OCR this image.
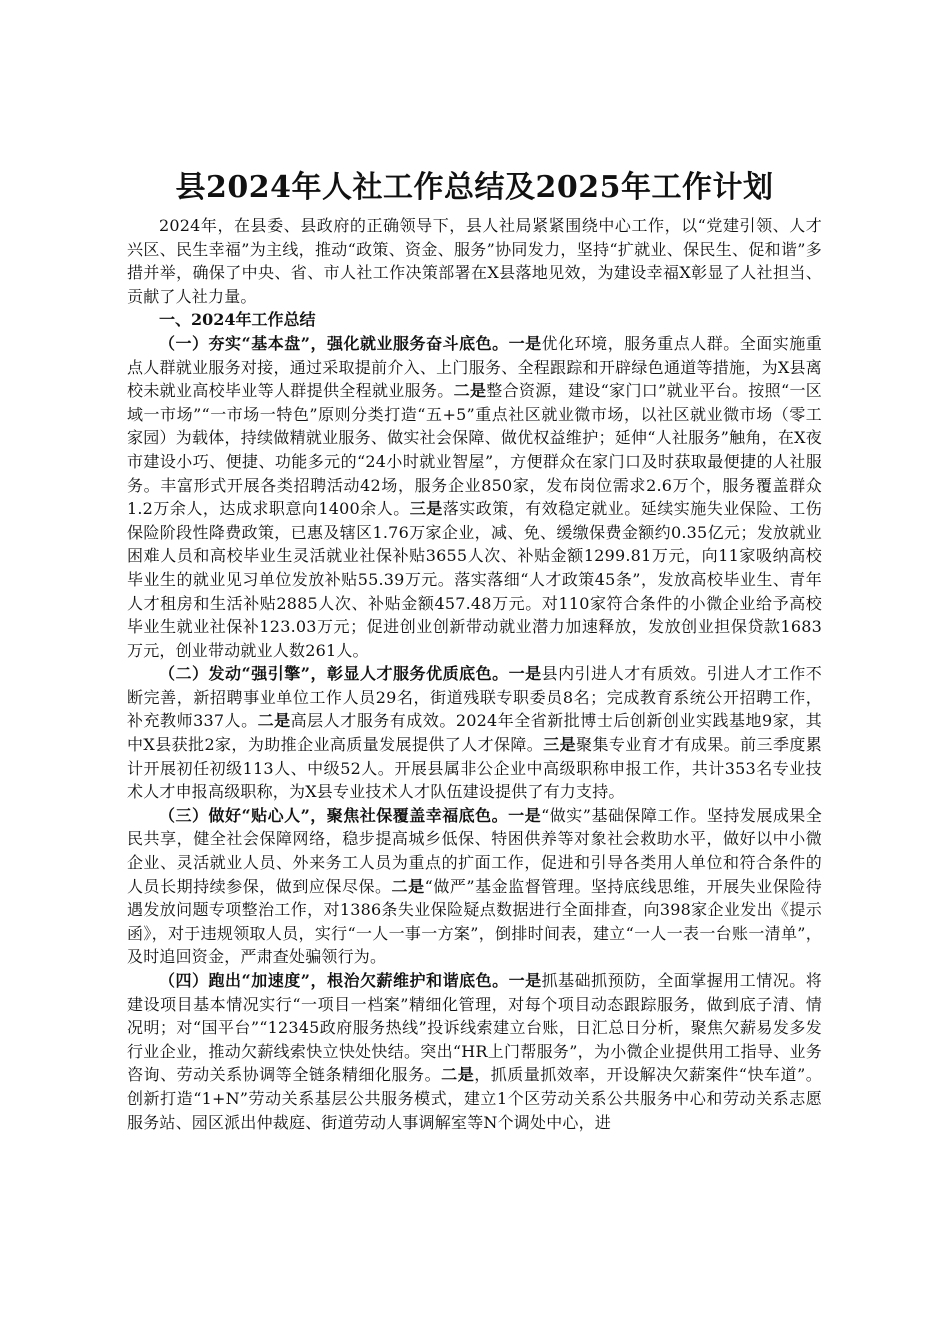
县2024年人社工作总结及2025年工作计划

2024年，在县委、县政府的正确领导下，县人社局紧紧围绕中心工作，以“党建引领、人才兴区、民生幸福”为主线，推动“政策、资金、服务”协同发力，坚持“扩就业、保民生、促和谐”多措并举，确保了中央、省、市人社工作决策部署在X县落地见效，为建设幸福X彰显了人社担当、贡献了人社力量。

一、2024年工作总结

（一）夯实“基本盘”，强化就业服务奋斗底色。一是优化环境，服务重点人群。全面实施重点人群就业服务对接，通过采取提前介入、上门服务、全程跟踪和开辟绿色通道等措施，为X县离校未就业高校毕业等人群提供全程就业服务。二是整合资源，建设“家门口”就业平台。按照“一区域一市场”“一市场一特色”原则分类打造“五+5”重点社区就业微市场，以社区就业微市场（零工家园）为载体，持续做精就业服务、做实社会保障、做优权益维护；延伸“人社服务”触角，在X夜市建设小巧、便捷、功能多元的“24小时就业智屋”，方便群众在家门口及时获取最便捷的人社服务。丰富形式开展各类招聘活动42场，服务企业850家，发布岗位需求2.6万个，服务覆盖群众1.2万余人，达成求职意向1400余人。三是落实政策，有效稳定就业。延续实施失业保险、工伤保险阶段性降费政策，已惠及辖区1.76万家企业，减、免、缓缴保费金额约0.35亿元；发放就业困难人员和高校毕业生灵活就业社保补贴3655人次、补贴金额1299.81万元，向11家吸纳高校毕业生的就业见习单位发放补贴55.39万元。落实落细“人才政策45条”，发放高校毕业生、青年人才租房和生活补贴2885人次、补贴金额457.48万元。对110家符合条件的小微企业给予高校毕业生就业社保补123.03万元；促进创业创新带动就业潜力加速释放，发放创业担保贷款1683万元，创业带动就业人数261人。

（二）发动“强引擎”，彰显人才服务优质底色。一是县内引进人才有质效。引进人才工作不断完善，新招聘事业单位工作人员29名，街道残联专职委员8名；完成教育系统公开招聘工作，补充教师337人。二是高层人才服务有成效。2024年全省新批博士后创新创业实践基地9家，其中X县获批2家，为助推企业高质量发展提供了人才保障。三是聚集专业育才有成果。前三季度累计开展初任初级113人、中级52人。开展县属非公企业中高级职称申报工作，共计353名专业技术人才申报高级职称，为X县专业技术人才队伍建设提供了有力支持。

（三）做好“贴心人”，聚焦社保覆盖幸福底色。一是“做实”基础保障工作。坚持发展成果全民共享，健全社会保障网络，稳步提高城乡低保、特困供养等对象社会救助水平，做好以中小微企业、灵活就业人员、外来务工人员为重点的扩面工作，促进和引导各类用人单位和符合条件的人员长期持续参保，做到应保尽保。二是“做严”基金监督管理。坚持底线思维，开展失业保险待遇发放问题专项整治工作，对1386条失业保险疑点数据进行全面排查，向398家企业发出《提示函》，对于违规领取人员，实行“一人一事一方案”，倒排时间表，建立“一人一表一台账一清单”，及时追回资金，严肃查处骗领行为。

（四）跑出“加速度”，根治欠薪维护和谐底色。一是抓基础抓预防，全面掌握用工情况。将建设项目基本情况实行“一项目一档案”精细化管理，对每个项目动态跟踪服务，做到底子清、情况明；对“国平台”“12345政府服务热线”投诉线索建立台账，日汇总日分析，聚焦欠薪易发多发行业企业，推动欠薪线索快立快处快结。突出“HR上门帮服务”，为小微企业提供用工指导、业务咨询、劳动关系协调等全链条精细化服务。二是，抓质量抓效率，开设解决欠薪案件“快车道”。创新打造“1+N”劳动关系基层公共服务模式，建立1个区劳动关系公共服务中心和劳动关系志愿服务站、园区派出仲裁庭、街道劳动人事调解室等N个调处中心，进
